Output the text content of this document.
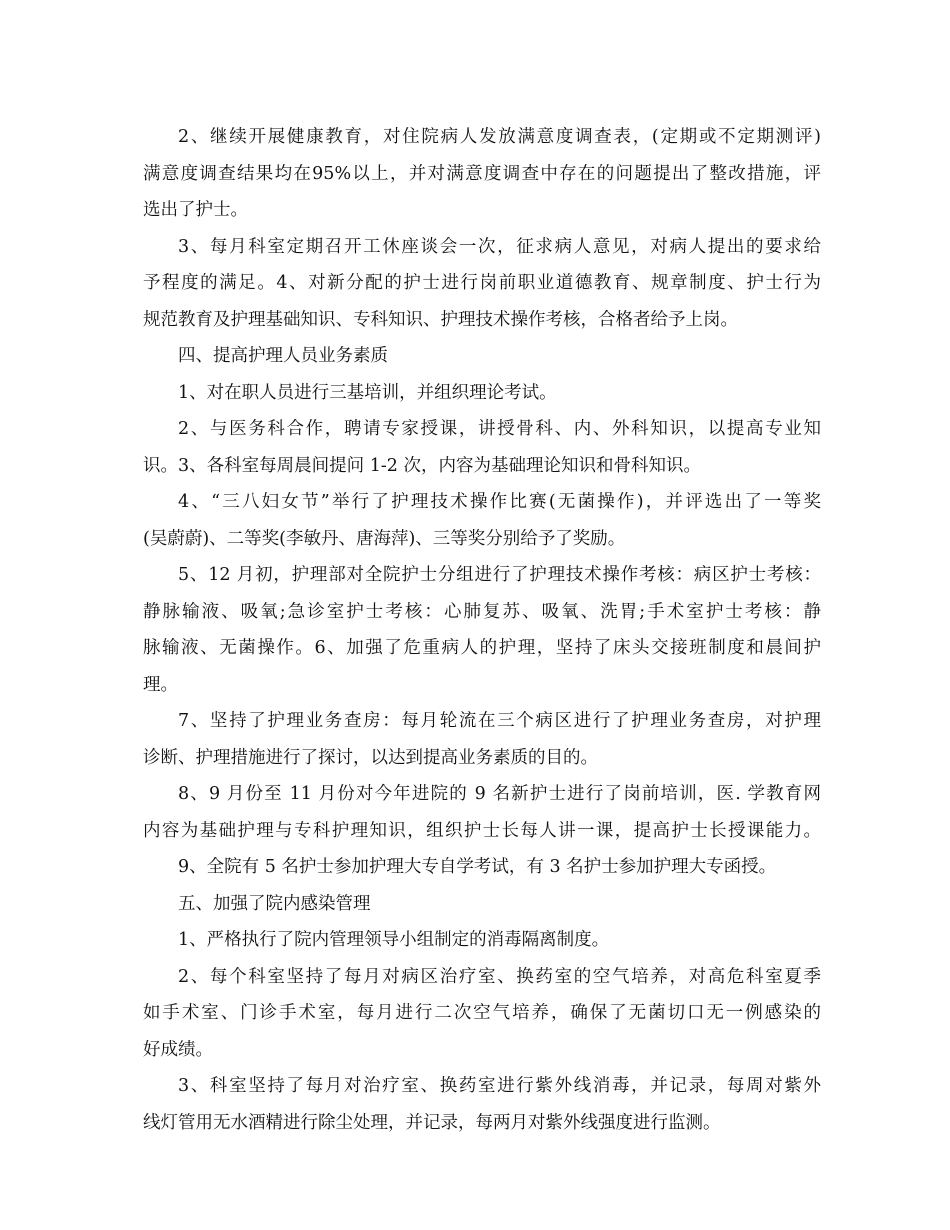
2、继续开展健康教育，对住院病人发放满意度调查表，(定期或不定期测评)
满意度调查结果均在95%以上，并对满意度调查中存在的问题提出了整改措施，评
选出了护士。
3、每月科室定期召开工休座谈会一次，征求病人意见，对病人提出的要求给
予程度的满足。4、对新分配的护士进行岗前职业道德教育、规章制度、护士行为
规范教育及护理基础知识、专科知识、护理技术操作考核，合格者给予上岗。
四、提高护理人员业务素质
1、对在职人员进行三基培训，并组织理论考试。
2、与医务科合作，聘请专家授课，讲授骨科、内、外科知识，以提高专业知
识。3、各科室每周晨间提问 1-2 次，内容为基础理论知识和骨科知识。
4、“三八妇女节”举行了护理技术操作比赛(无菌操作)，并评选出了一等奖
(吴蔚蔚)、二等奖(李敏丹、唐海萍)、三等奖分别给予了奖励。
5、12 月初，护理部对全院护士分组进行了护理技术操作考核：病区护士考核：
静脉输液、吸氧;急诊室护士考核：心肺复苏、吸氧、洗胃;手术室护士考核：静
脉输液、无菌操作。6、加强了危重病人的护理，坚持了床头交接班制度和晨间护
理。
7、坚持了护理业务查房：每月轮流在三个病区进行了护理业务查房，对护理
诊断、护理措施进行了探讨，以达到提高业务素质的目的。
8、9 月份至 11 月份对今年进院的 9 名新护士进行了岗前培训，医. 学教育网
内容为基础护理与专科护理知识，组织护士长每人讲一课，提高护士长授课能力。
9、全院有 5 名护士参加护理大专自学考试，有 3 名护士参加护理大专函授。
五、加强了院内感染管理
1、严格执行了院内管理领导小组制定的消毒隔离制度。
2、每个科室坚持了每月对病区治疗室、换药室的空气培养，对高危科室夏季
如手术室、门诊手术室，每月进行二次空气培养，确保了无菌切口无一例感染的
好成绩。
3、科室坚持了每月对治疗室、换药室进行紫外线消毒，并记录，每周对紫外
线灯管用无水酒精进行除尘处理，并记录，每两月对紫外线强度进行监测。
